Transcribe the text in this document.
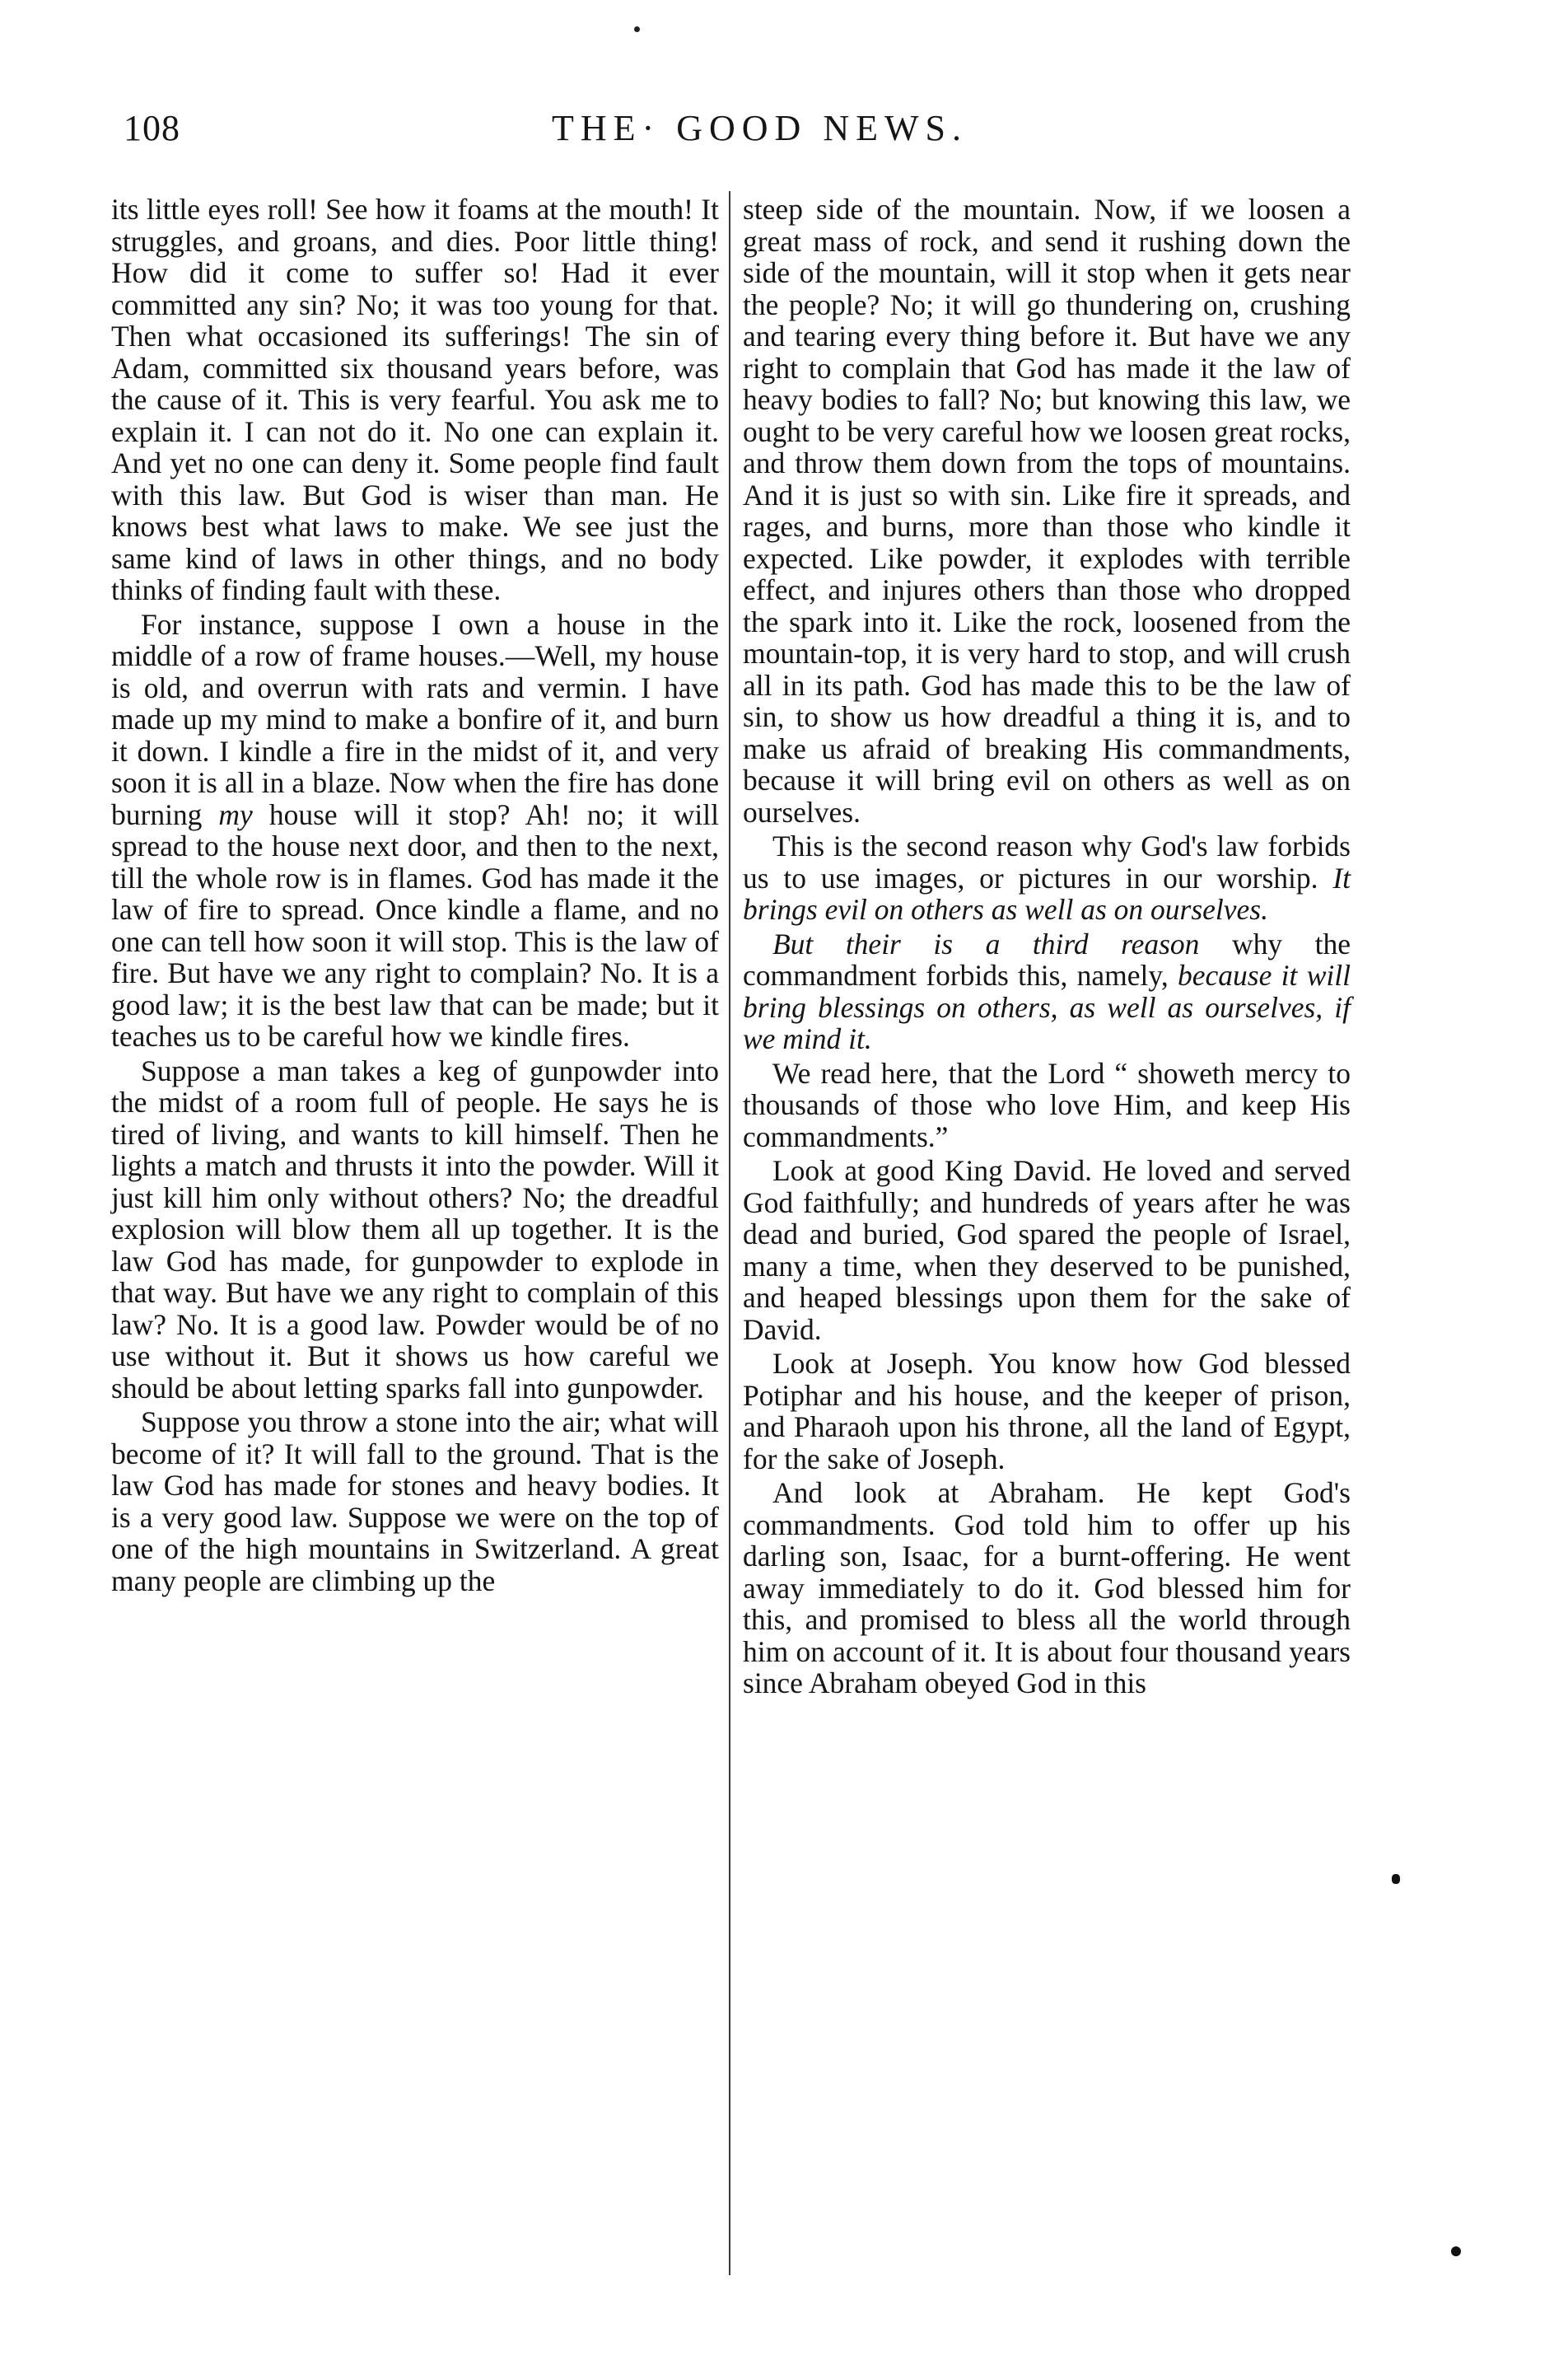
108	THE· GOOD NEWS.

its little eyes roll! See how it foams at the mouth! It struggles, and groans, and dies. Poor little thing! How did it come to suffer so! Had it ever committed any sin? No; it was too young for that. Then what occasioned its sufferings! The sin of Adam, committed six thousand years before, was the cause of it. This is very fearful. You ask me to explain it. I can not do it. No one can explain it. And yet no one can deny it. Some people find fault with this law. But God is wiser than man. He knows best what laws to make. We see just the same kind of laws in other things, and no body thinks of finding fault with these.

For instance, suppose I own a house in the middle of a row of frame houses.—Well, my house is old, and overrun with rats and vermin. I have made up my mind to make a bonfire of it, and burn it down. I kindle a fire in the midst of it, and very soon it is all in a blaze. Now when the fire has done burning my house will it stop? Ah! no; it will spread to the house next door, and then to the next, till the whole row is in flames. God has made it the law of fire to spread. Once kindle a flame, and no one can tell how soon it will stop. This is the law of fire. But have we any right to complain? No. It is a good law; it is the best law that can be made; but it teaches us to be careful how we kindle fires.

Suppose a man takes a keg of gunpowder into the midst of a room full of people. He says he is tired of living, and wants to kill himself. Then he lights a match and thrusts it into the powder. Will it just kill him only without others? No; the dreadful explosion will blow them all up together. It is the law God has made, for gunpowder to explode in that way. But have we any right to complain of this law? No. It is a good law. Powder would be of no use without it. But it shows us how careful we should be about letting sparks fall into gunpowder.

Suppose you throw a stone into the air; what will become of it? It will fall to the ground. That is the law God has made for stones and heavy bodies. It is a very good law. Suppose we were on the top of one of the high mountains in Switzerland. A great many people are climbing up the

steep side of the mountain. Now, if we loosen a great mass of rock, and send it rushing down the side of the mountain, will it stop when it gets near the people? No; it will go thundering on, crushing and tearing every thing before it. But have we any right to complain that God has made it the law of heavy bodies to fall? No; but knowing this law, we ought to be very careful how we loosen great rocks, and throw them down from the tops of mountains. And it is just so with sin. Like fire it spreads, and rages, and burns, more than those who kindle it expected. Like powder, it explodes with terrible effect, and injures others than those who dropped the spark into it. Like the rock, loosened from the mountain-top, it is very hard to stop, and will crush all in its path. God has made this to be the law of sin, to show us how dreadful a thing it is, and to make us afraid of breaking His commandments, because it will bring evil on others as well as on ourselves.

This is the second reason why God's law forbids us to use images, or pictures in our worship. It brings evil on others as well as on ourselves.

But their is a third reason why the commandment forbids this, namely, because it will bring blessings on others, as well as ourselves, if we mind it.

We read here, that the Lord “ showeth mercy to thousands of those who love Him, and keep His commandments.”

Look at good King David. He loved and served God faithfully; and hundreds of years after he was dead and buried, God spared the people of Israel, many a time, when they deserved to be punished, and heaped blessings upon them for the sake of David.

Look at Joseph. You know how God blessed Potiphar and his house, and the keeper of prison, and Pharaoh upon his throne, all the land of Egypt, for the sake of Joseph.

And look at Abraham. He kept God's commandments. God told him to offer up his darling son, Isaac, for a burnt-offering. He went away immediately to do it. God blessed him for this, and promised to bless all the world through him on account of it. It is about four thousand years since Abraham obeyed God in this
